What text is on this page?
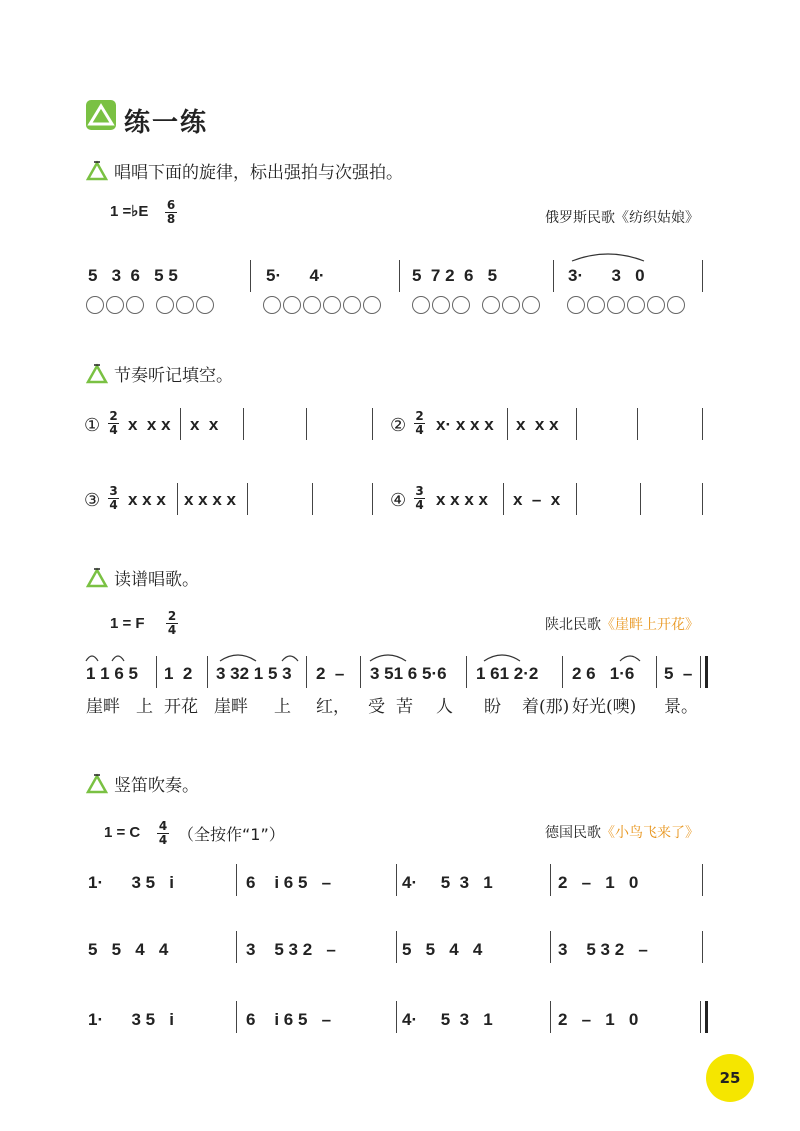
练一练
唱唱下面的旋律，标出强拍与次强拍。
1 =♭E 6
8	俄罗斯民歌《纺织姑娘》
5   3  6   5 5	5·      4·	5  7 2  6   5	3·      3   0
节奏听记填空。
① 2
4 x  x x x  x	② 2
4 x· x x x x  x x
③ 3
4 x x x x x x x	④ 3
4 x x x x x  –  x
读谱唱歌。
1 = F 2
4	陕北民歌《崖畔上开花》
1 1 6 5 1  2 3 32 1 5 3 2  – 3 51 6 5·6 1 61 2·2 2 6   1·6 5  –
崖畔 上 开花 崖畔 上 红， 受 苦 人 盼 着(那) 好光(噢) 景。
竖笛吹奏。
1 = C 4
4 （全按作“1”）	德国民歌《小鸟飞来了》
1·      3 5   i	6    i 6 5   –	4·     5  3   1	2   –   1   0
5   5   4   4	3    5 3 2   –	5   5   4   4	3    5 3 2   –
1·      3 5   i	6    i 6 5   –	4·     5  3   1	2   –   1   0
25
